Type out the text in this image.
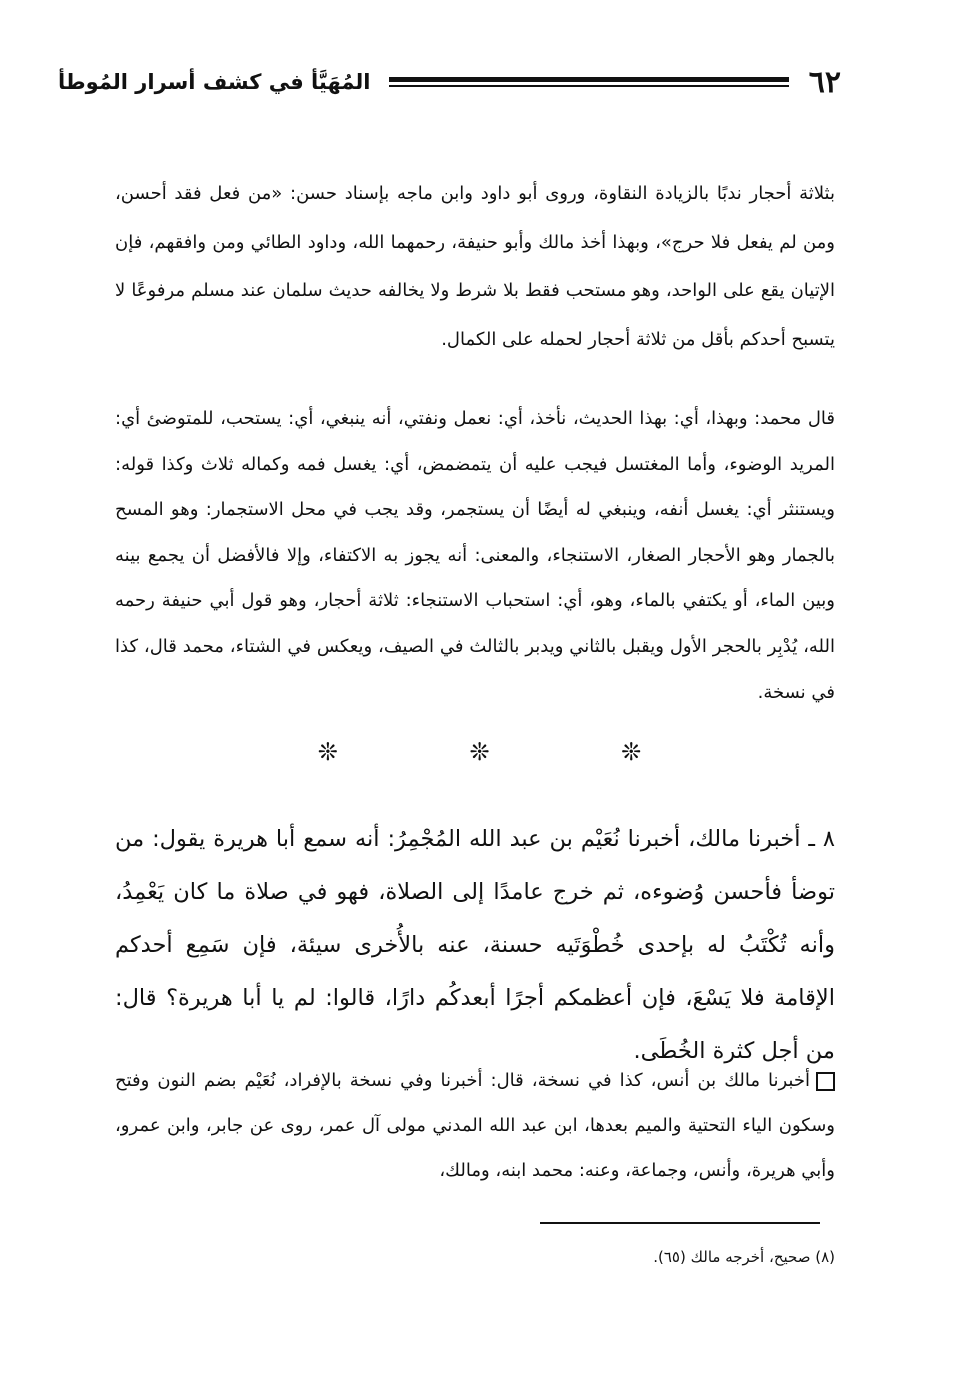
٦٢
المُهَيَّأ في كشف أسرار المُوطأ

بثلاثة أحجار ندبًا بالزيادة النقاوة، وروى أبو داود وابن ماجه بإسناد حسن: «من فعل فقد أحسن، ومن لم يفعل فلا حرج»، وبهذا أخذ مالك وأبو حنيفة، رحمهما الله، وداود الطائي ومن وافقهم، فإن الإتيان يقع على الواحد، وهو مستحب فقط بلا شرط ولا يخالفه حديث سلمان عند مسلم مرفوعًا لا يتسبح أحدكم بأقل من ثلاثة أحجار لحمله على الكمال.

قال محمد: وبهذا، أي: بهذا الحديث، نأخذ، أي: نعمل ونفتي، أنه ينبغي، أي: يستحب، للمتوضئ أي: المريد الوضوء، وأما المغتسل فيجب عليه أن يتمضمض، أي: يغسل فمه وكماله ثلاث وكذا قوله: ويستنثر أي: يغسل أنفه، وينبغي له أيضًا أن يستجمر، وقد يجب في محل الاستجمار: وهو المسح بالجمار وهو الأحجار الصغار، الاستنجاء، والمعنى: أنه يجوز به الاكتفاء، وإلا فالأفضل أن يجمع بينه وبين الماء، أو يكتفي بالماء، وهو، أي: استحباب الاستنجاء: ثلاثة أحجار، وهو قول أبي حنيفة رحمه الله، يُدْبِر بالحجر الأول ويقبل بالثاني ويدبر بالثالث في الصيف، ويعكس في الشتاء، محمد قال، كذا في نسخة.

❊ ❊ ❊

٨ ـ أخبرنا مالك، أخبرنا نُعَيْم بن عبد الله المُجْمِرُ: أنه سمع أبا هريرة يقول: من توضأ فأحسن وُضوءه، ثم خرج عامدًا إلى الصلاة، فهو في صلاة ما كان يَعْمِدُ، وأنه تُكْتَبُ له بإحدى خُطْوَتَيه حسنة، عنه بالأُخرى سيئة، فإن سَمِع أحدكم الإقامة فلا يَسْعَ، فإن أعظمكم أجرًا أبعدكُم دارًا، قالوا: لم يا أبا هريرة؟ قال: من أجل كثرة الخُطَى.

أخبرنا مالك بن أنس، كذا في نسخة، قال: أخبرنا وفي نسخة بالإفراد، نُعَيْم بضم النون وفتح وسكون الياء التحتية والميم بعدها، ابن عبد الله المدني مولى آل عمر، روى عن جابر، وابن عمرو، وأبي هريرة، وأنس، وجماعة، وعنه: محمد ابنه، ومالك،
(٨) صحيح، أخرجه مالك (٦٥).
